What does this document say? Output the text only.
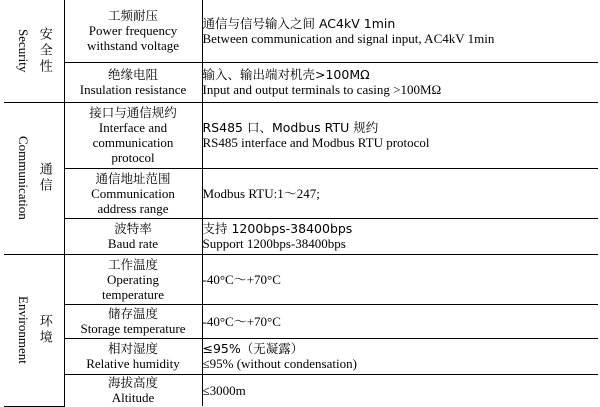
Security 安全性	工频耐压
Power frequency
withstand voltage	通信与信号输入之间 AC4kV 1min
Between communication and signal input, AC4kV 1min

	绝缘电阻
Insulation resistance	输入、输出端对机壳>100MΩ
Input and output terminals to casing >100MΩ

Communication 通信	接口与通信规约
Interface and
communication
protocol	RS485 口、Modbus RTU 规约
RS485 interface and Modbus RTU protocol

	通信地址范围
Communication
address range	Modbus RTU:1～247;

	波特率
Baud rate	支持 1200bps-38400bps
Support 1200bps-38400bps

Environment 环境	工作温度
Operating
temperature	-40°C～+70°C

	储存温度
Storage temperature	-40°C～+70°C

	相对湿度
Relative humidity	≤95%（无凝露）
≤95% (without condensation)

	海拔高度
Altitude	≤3000m
